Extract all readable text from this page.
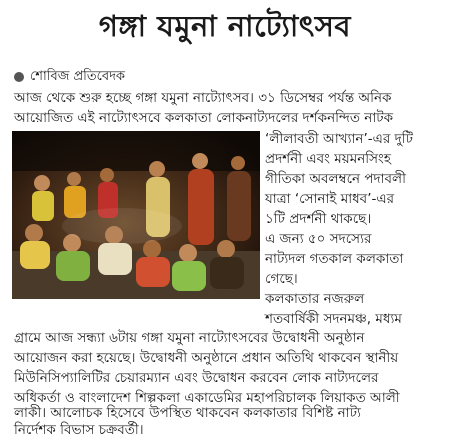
গঙ্গা যমুনা নাট্যোৎসব
শোবিজ প্রতিবেদক

আজ থেকে শুরু হচ্ছে গঙ্গা যমুনা নাট্যোৎসব। ৩১ ডিসেম্বর পর্যন্ত অনিক

আয়োজিত এই নাট্যোৎসবে কলকাতা লোকনাট্যদলের দর্শকনন্দিত নাটক

‘লীলাবতী আখ্যান’-এর দুটি

প্রদর্শনী এবং ময়মনসিংহ

গীতিকা অবলম্বনে পদাবলী

যাত্রা ‘সোনাই মাধব’-এর

১টি প্রদর্শনী থাকছে।

এ জন্য ৫০ সদস্যের

নাট্যদল গতকাল কলকাতা

গেছে।

কলকাতার নজরুল

শতবার্ষিকী সদনমঞ্চ, মধ্যম

গ্রামে আজ সন্ধ্যা ৬টায় গঙ্গা যমুনা নাট্যোৎসবের উদ্বোধনী অনুষ্ঠান

আয়োজন করা হয়েছে। উদ্বোধনী অনুষ্ঠানে প্রধান অতিথি থাকবেন স্থানীয়

মিউনিসিপ্যালিটির চেয়ারম্যান এবং উদ্বোধন করবেন লোক নাট্যদলের

অধিকর্তা ও বাংলাদেশ শিল্পকলা একাডেমির মহাপরিচালক লিয়াকত আলী

লাকী। আলোচক হিসেবে উপস্থিত থাকবেন কলকাতার বিশিষ্ট নাট্য

নির্দেশক বিভাস চক্রবর্তী।
